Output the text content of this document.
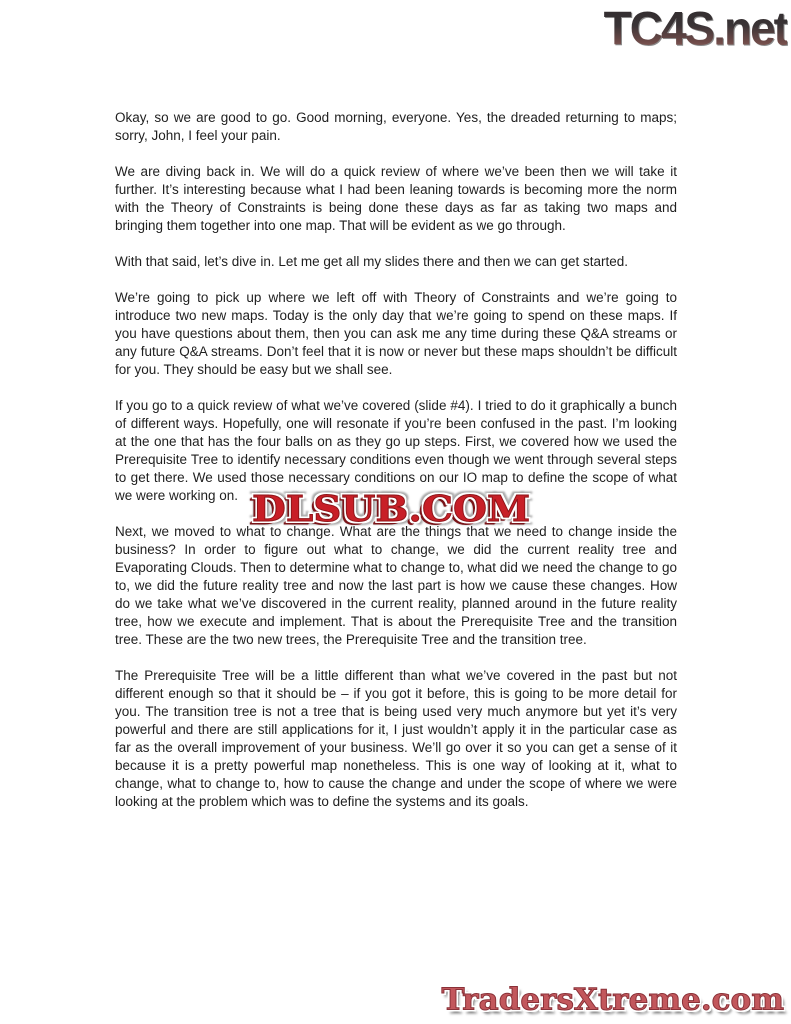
TC4S.net

Okay, so we are good to go. Good morning, everyone. Yes, the dreaded returning to maps; sorry, John, I feel your pain.

We are diving back in. We will do a quick review of where we’ve been then we will take it further. It’s interesting because what I had been leaning towards is becoming more the norm with the Theory of Constraints is being done these days as far as taking two maps and bringing them together into one map. That will be evident as we go through.

With that said, let’s dive in. Let me get all my slides there and then we can get started.

We’re going to pick up where we left off with Theory of Constraints and we’re going to introduce two new maps. Today is the only day that we’re going to spend on these maps. If you have questions about them, then you can ask me any time during these Q&A streams or any future Q&A streams. Don’t feel that it is now or never but these maps shouldn’t be difficult for you. They should be easy but we shall see.

If you go to a quick review of what we’ve covered (slide #4). I tried to do it graphically a bunch of different ways. Hopefully, one will resonate if you’re been confused in the past. I’m looking at the one that has the four balls on as they go up steps. First, we covered how we used the Prerequisite Tree to identify necessary conditions even though we went through several steps to get there. We used those necessary conditions on our IO map to define the scope of what we were working on.

Next, we moved to what to change. What are the things that we need to change inside the business? In order to figure out what to change, we did the current reality tree and Evaporating Clouds. Then to determine what to change to, what did we need the change to go to, we did the future reality tree and now the last part is how we cause these changes. How do we take what we’ve discovered in the current reality, planned around in the future reality tree, how we execute and implement. That is about the Prerequisite Tree and the transition tree. These are the two new trees, the Prerequisite Tree and the transition tree.

The Prerequisite Tree will be a little different than what we’ve covered in the past but not different enough so that it should be – if you got it before, this is going to be more detail for you. The transition tree is not a tree that is being used very much anymore but yet it’s very powerful and there are still applications for it, I just wouldn’t apply it in the particular case as far as the overall improvement of your business. We’ll go over it so you can get a sense of it because it is a pretty powerful map nonetheless. This is one way of looking at it, what to change, what to change to, how to cause the change and under the scope of where we were looking at the problem which was to define the systems and its goals.

DLSUB.COM
TradersXtreme.com
